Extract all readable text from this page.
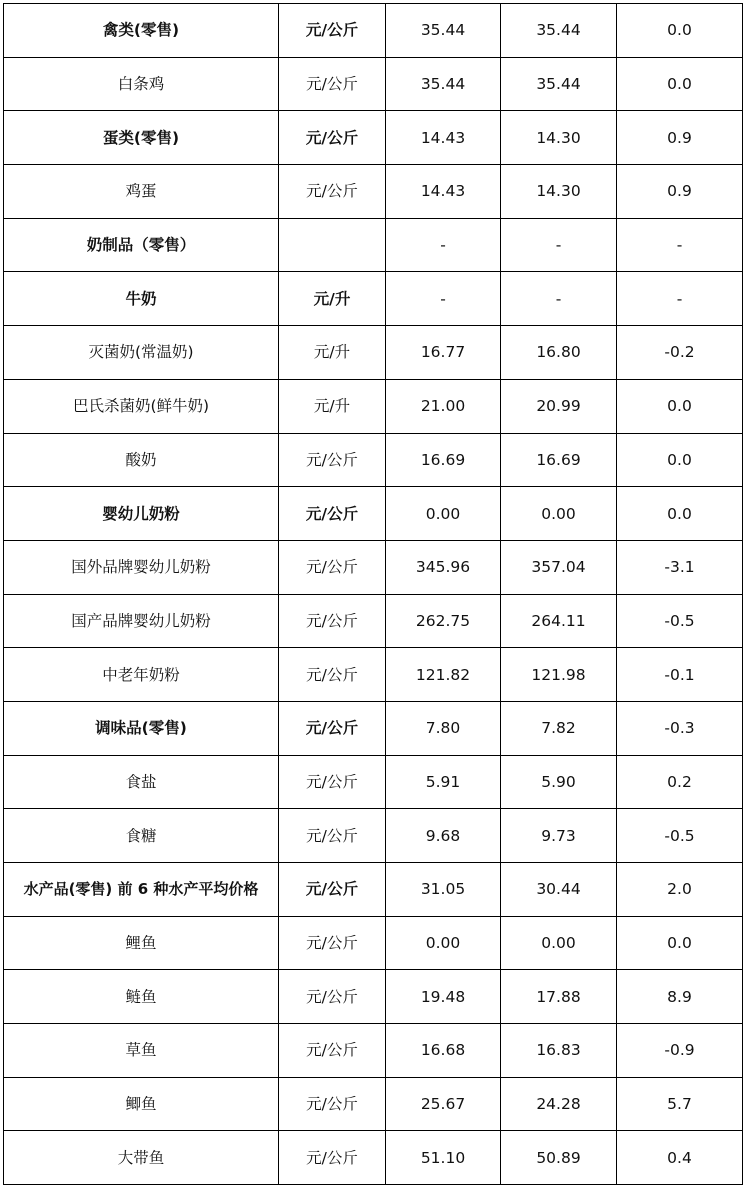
禽类(零售)	元/公斤	35.44	35.44	0.0
白条鸡	元/公斤	35.44	35.44	0.0
蛋类(零售)	元/公斤	14.43	14.30	0.9
鸡蛋	元/公斤	14.43	14.30	0.9
奶制品（零售）		-	-	-
牛奶	元/升	-	-	-
灭菌奶(常温奶)	元/升	16.77	16.80	-0.2
巴氏杀菌奶(鲜牛奶)	元/升	21.00	20.99	0.0
酸奶	元/公斤	16.69	16.69	0.0
婴幼儿奶粉	元/公斤	0.00	0.00	0.0
国外品牌婴幼儿奶粉	元/公斤	345.96	357.04	-3.1
国产品牌婴幼儿奶粉	元/公斤	262.75	264.11	-0.5
中老年奶粉	元/公斤	121.82	121.98	-0.1
调味品(零售)	元/公斤	7.80	7.82	-0.3
食盐	元/公斤	5.91	5.90	0.2
食糖	元/公斤	9.68	9.73	-0.5
水产品(零售) 前 6 种水产平均价格	元/公斤	31.05	30.44	2.0
鲤鱼	元/公斤	0.00	0.00	0.0
鲢鱼	元/公斤	19.48	17.88	8.9
草鱼	元/公斤	16.68	16.83	-0.9
鲫鱼	元/公斤	25.67	24.28	5.7
大带鱼	元/公斤	51.10	50.89	0.4
